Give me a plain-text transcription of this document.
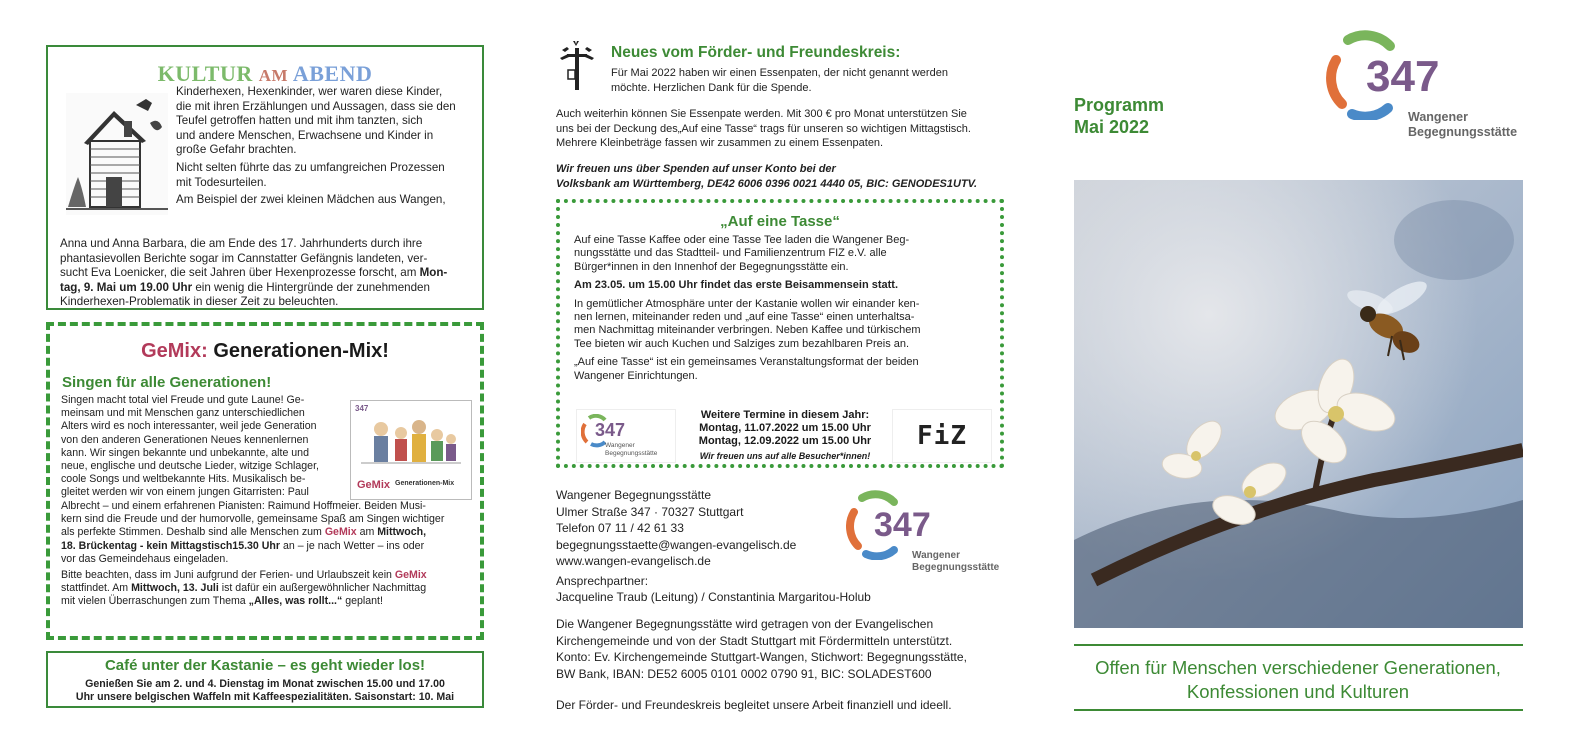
KULTUR AM ABEND
Kinderhexen, Hexenkinder, wer waren diese Kinder,
die mit ihren Erzählungen und Aussagen, dass sie den
Teufel getroffen hatten und mit ihm tanzten, sich
und andere Menschen, Erwachsene und Kinder in
große Gefahr brachten.
Nicht selten führte das zu umfangreichen Prozessen
mit Todesurteilen.
Am Beispiel der zwei kleinen Mädchen aus Wangen,
Anna und Anna Barbara, die am Ende des 17. Jahrhunderts durch ihre
phantasievollen Berichte sogar im Cannstatter Gefängnis landeten, ver-
sucht Eva Loenicker, die seit Jahren über Hexenprozesse forscht, am Mon-
tag, 9. Mai um 19.00 Uhr ein wenig die Hintergründe der zunehmenden
Kinderhexen-Problematik in dieser Zeit zu beleuchten.
GeMix: Generationen-Mix!
Singen für alle Generationen!
Singen macht total viel Freude und gute Laune! Ge-
meinsam und mit Menschen ganz unterschiedlichen
Alters wird es noch interessanter, weil jede Generation
von den anderen Generationen Neues kennenlernen
kann. Wir singen bekannte und unbekannte, alte und
neue, englische und deutsche Lieder, witzige Schlager,
coole Songs und weltbekannte Hits. Musikalisch be-
gleitet werden wir von einem jungen Gitarristen: Paul
347
GeMix Generationen-Mix
Albrecht – und einem erfahrenen Pianisten: Raimund Hoffmeier. Beiden Musi-
kern sind die Freude und der humorvolle, gemeinsame Spaß am Singen wichtiger
als perfekte Stimmen. Deshalb sind alle Menschen zum GeMix am Mittwoch,
18. Brückentag - kein Mittagstisch15.30 Uhr an – je nach Wetter – ins oder
vor das Gemeindehaus eingeladen.
Bitte beachten, dass im Juni aufgrund der Ferien- und Urlaubszeit kein GeMix
stattfindet. Am Mittwoch, 13. Juli ist dafür ein außergewöhnlicher Nachmittag
mit vielen Überraschungen zum Thema „Alles, was rollt...“ geplant!
Café unter der Kastanie – es geht wieder los!
Genießen Sie am 2. und 4. Dienstag im Monat zwischen 15.00 und 17.00
Uhr unsere belgischen Waffeln mit Kaffeespezialitäten. Saisonstart: 10. Mai
Neues vom Förder- und Freundeskreis:
Für Mai 2022 haben wir einen Essenpaten, der nicht genannt werden
möchte. Herzlichen Dank für die Spende.
Auch weiterhin können Sie Essenpate werden. Mit 300 € pro Monat unterstützen Sie
uns bei der Deckung des„Auf eine Tasse“ trags für unseren so wichtigen Mittagstisch.
Mehrere Kleinbeträge fassen wir zusammen zu einem Essenpaten.
Wir freuen uns über Spenden auf unser Konto bei der
Volksbank am Württemberg, DE42 6006 0396 0021 4440 05, BIC: GENODES1UTV.
„Auf eine Tasse“
Auf eine Tasse Kaffee oder eine Tasse Tee laden die Wangener Beg-
nungsstätte und das Stadtteil- und Familienzentrum FIZ e.V. alle
Bürger*innen in den Innenhof der Begegnungsstätte ein.
Am 23.05. um 15.00 Uhr findet das erste Beisammensein statt.
In gemütlicher Atmosphäre unter der Kastanie wollen wir einander ken-
nen lernen, miteinander reden und „auf eine Tasse“ einen unterhaltsa-
men Nachmittag miteinander verbringen. Neben Kaffee und türkischem
Tee bieten wir auch Kuchen und Salziges zum bezahlbaren Preis an.
„Auf eine Tasse“ ist ein gemeinsames Veranstaltungsformat der beiden
Wangener Einrichtungen.
347
Wangener
Begegnungsstätte
Weitere Termine in diesem Jahr:
Montag, 11.07.2022 um 15.00 Uhr
Montag, 12.09.2022 um 15.00 Uhr
Wir freuen uns auf alle Besucher*innen!
FiZ
Wangener Begegnungsstätte
Ulmer Straße 347 · 70327 Stuttgart
Telefon 07 11 / 42 61 33
begegnungsstaette@wangen-evangelisch.de
www.wangen-evangelisch.de
Ansprechpartner:
Jacqueline Traub (Leitung) / Constantinia Margaritou-Holub
347
Wangener
Begegnungsstätte
Die Wangener Begegnungsstätte wird getragen von der Evangelischen
Kirchengemeinde und von der Stadt Stuttgart mit Fördermitteln unterstützt.
Konto: Ev. Kirchengemeinde Stuttgart-Wangen, Stichwort: Begegnungsstätte,
BW Bank, IBAN: DE52 6005 0101 0002 0790 91, BIC: SOLADEST600
Der Förder- und Freundeskreis begleitet unsere Arbeit finanziell und ideell.
Programm
Mai 2022
347
Wangener
Begegnungsstätte
Offen für Menschen verschiedener Generationen,
Konfessionen und Kulturen
